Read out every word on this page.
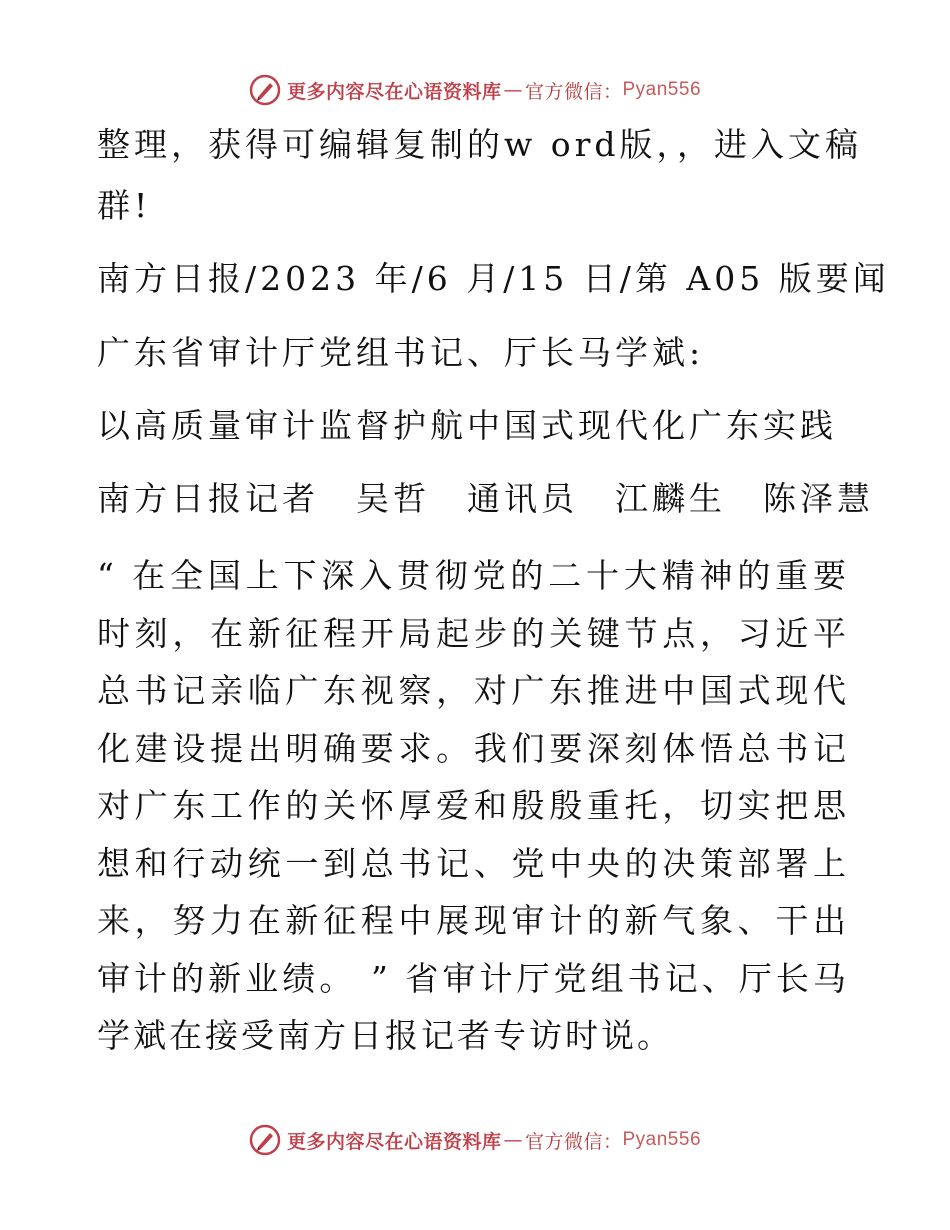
更多内容尽在心语资料库 — 官方微信： Pyan556
整理，获得可编辑复制的w ord版，，进入文稿
群!
南方日报/2023 年/6 月/15 日/第 A05 版要闻
广东省审计厅党组书记、厅长马学斌:
以高质量审计监督护航中国式现代化广东实践
南方日报记者　吴哲　通讯员　江麟生　陈泽慧
“ 在全国上下深入贯彻党的二十大精神的重要时刻，在新征程开局起步的关键节点，习近平总书记亲临广东视察，对广东推进中国式现代化建设提出明确要求。我们要深刻体悟总书记对广东工作的关怀厚爱和殷殷重托，切实把思想和行动统一到总书记、党中央的决策部署上来，努力在新征程中展现审计的新气象、干出审计的新业绩。 ” 省审计厅党组书记、厅长马学斌在接受南方日报记者专访时说。
更多内容尽在心语资料库 — 官方微信： Pyan556
